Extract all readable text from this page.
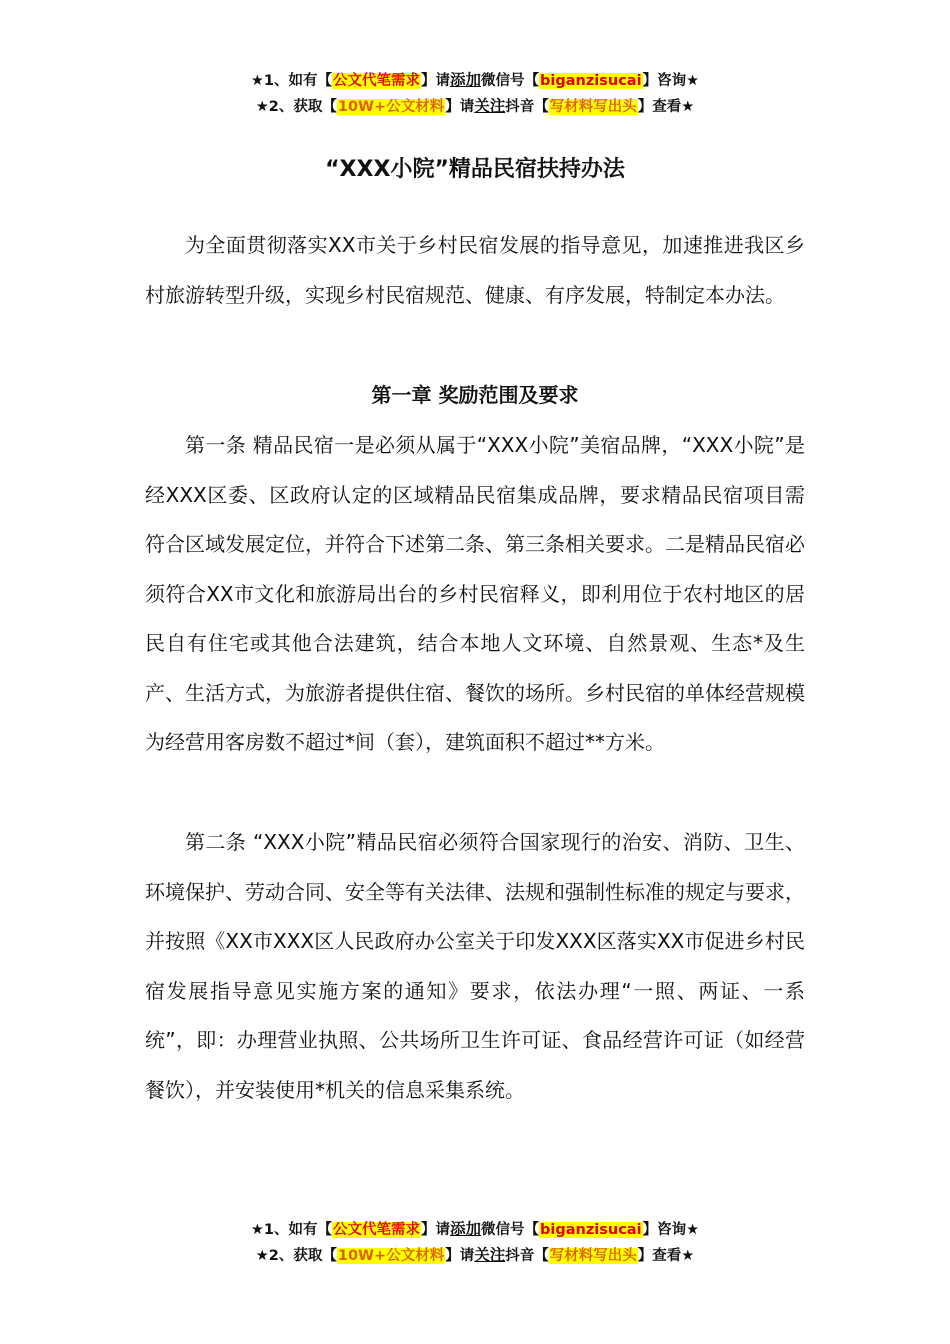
★1、如有【公文代笔需求】请添加微信号【biganzisucai】咨询★
★2、获取【10W+公文材料】请关注抖音【写材料写出头】查看★
“XXX小院”精品民宿扶持办法

为全面贯彻落实XX市关于乡村民宿发展的指导意见，加速推进我区乡村旅游转型升级，实现乡村民宿规范、健康、有序发展，特制定本办法。

第一章 奖励范围及要求

第一条 精品民宿一是必须从属于“XXX小院”美宿品牌，“XXX小院”是经XXX区委、区政府认定的区域精品民宿集成品牌，要求精品民宿项目需符合区域发展定位，并符合下述第二条、第三条相关要求。二是精品民宿必须符合XX市文化和旅游局出台的乡村民宿释义，即利用位于农村地区的居民自有住宅或其他合法建筑，结合本地人文环境、自然景观、生态*及生产、生活方式，为旅游者提供住宿、餐饮的场所。乡村民宿的单体经营规模为经营用客房数不超过*间（套），建筑面积不超过**方米。

第二条 “XXX小院”精品民宿必须符合国家现行的治安、消防、卫生、环境保护、劳动合同、安全等有关法律、法规和强制性标准的规定与要求，并按照《XX市XXX区人民政府办公室关于印发XXX区落实XX市促进乡村民宿发展指导意见实施方案的通知》要求，依法办理“一照、两证、一系统”，即：办理营业执照、公共场所卫生许可证、食品经营许可证（如经营餐饮），并安装使用*机关的信息采集系统。

★1、如有【公文代笔需求】请添加微信号【biganzisucai】咨询★
★2、获取【10W+公文材料】请关注抖音【写材料写出头】查看★
